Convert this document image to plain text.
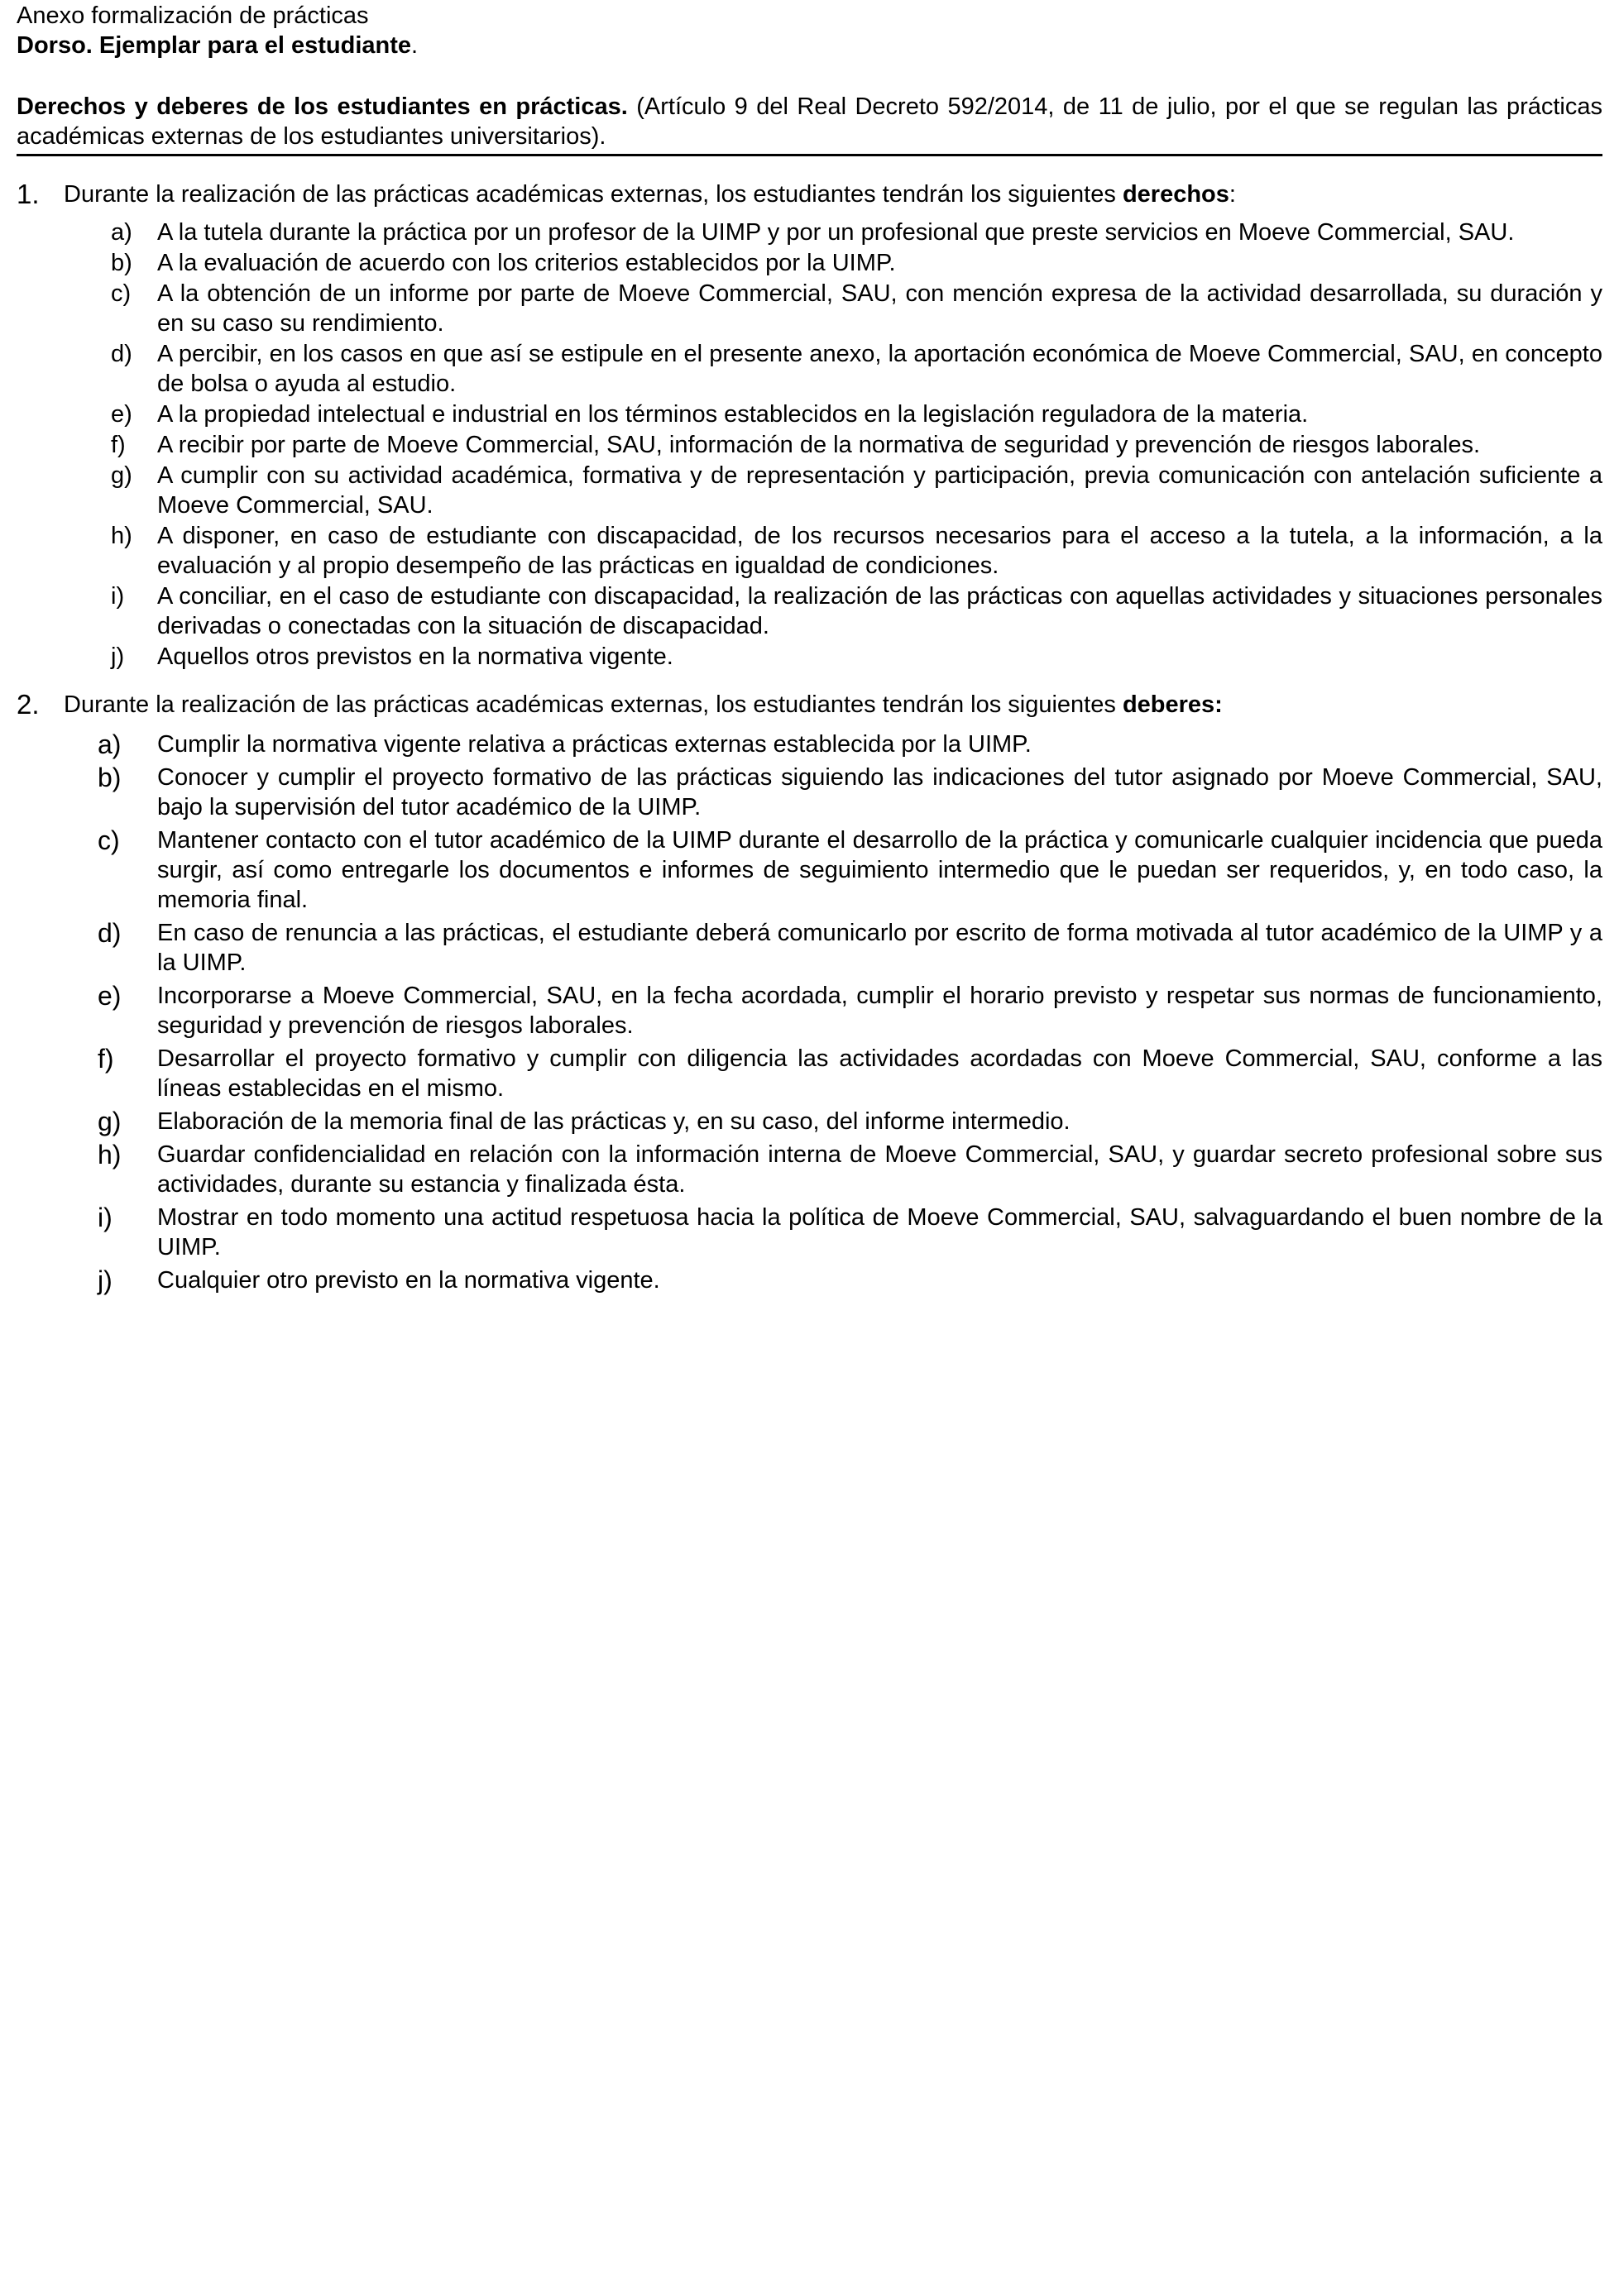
Anexo formalización de prácticas

Dorso. Ejemplar para el estudiante.

Derechos y deberes de los estudiantes en prácticas. (Artículo 9 del Real Decreto 592/2014, de 11 de julio, por el que se regulan las prácticas académicas externas de los estudiantes universitarios).
1. Durante la realización de las prácticas académicas externas, los estudiantes tendrán los siguientes derechos:
a) A la tutela durante la práctica por un profesor de la UIMP y por un profesional que preste servicios en Moeve Commercial, SAU.
b) A la evaluación de acuerdo con los criterios establecidos por la UIMP.
c) A la obtención de un informe por parte de Moeve Commercial, SAU, con mención expresa de la actividad desarrollada, su duración y en su caso su rendimiento.
d) A percibir, en los casos en que así se estipule en el presente anexo, la aportación económica de Moeve Commercial, SAU, en concepto de bolsa o ayuda al estudio.
e) A la propiedad intelectual e industrial en los términos establecidos en la legislación reguladora de la materia.
f) A recibir por parte de Moeve Commercial, SAU, información de la normativa de seguridad y prevención de riesgos laborales.
g) A cumplir con su actividad académica, formativa y de representación y participación, previa comunicación con antelación suficiente a Moeve Commercial, SAU.
h) A disponer, en caso de estudiante con discapacidad, de los recursos necesarios para el acceso a la tutela, a la información, a la evaluación y al propio desempeño de las prácticas en igualdad de condiciones.
i) A conciliar, en el caso de estudiante con discapacidad, la realización de las prácticas con aquellas actividades y situaciones personales derivadas o conectadas con la situación de discapacidad.
j) Aquellos otros previstos en la normativa vigente.
2. Durante la realización de las prácticas académicas externas, los estudiantes tendrán los siguientes deberes:
a) Cumplir la normativa vigente relativa a prácticas externas establecida por la UIMP.
b) Conocer y cumplir el proyecto formativo de las prácticas siguiendo las indicaciones del tutor asignado por Moeve Commercial, SAU, bajo la supervisión del tutor académico de la UIMP.
c) Mantener contacto con el tutor académico de la UIMP durante el desarrollo de la práctica y comunicarle cualquier incidencia que pueda surgir, así como entregarle los documentos e informes de seguimiento intermedio que le puedan ser requeridos, y, en todo caso, la memoria final.
d) En caso de renuncia a las prácticas, el estudiante deberá comunicarlo por escrito de forma motivada al tutor académico de la UIMP y a la UIMP.
e) Incorporarse a Moeve Commercial, SAU, en la fecha acordada, cumplir el horario previsto y respetar sus normas de funcionamiento, seguridad y prevención de riesgos laborales.
f) Desarrollar el proyecto formativo y cumplir con diligencia las actividades acordadas con Moeve Commercial, SAU, conforme a las líneas establecidas en el mismo.
g) Elaboración de la memoria final de las prácticas y, en su caso, del informe intermedio.
h) Guardar confidencialidad en relación con la información interna de Moeve Commercial, SAU, y guardar secreto profesional sobre sus actividades, durante su estancia y finalizada ésta.
i) Mostrar en todo momento una actitud respetuosa hacia la política de Moeve Commercial, SAU, salvaguardando el buen nombre de la UIMP.
j) Cualquier otro previsto en la normativa vigente.
